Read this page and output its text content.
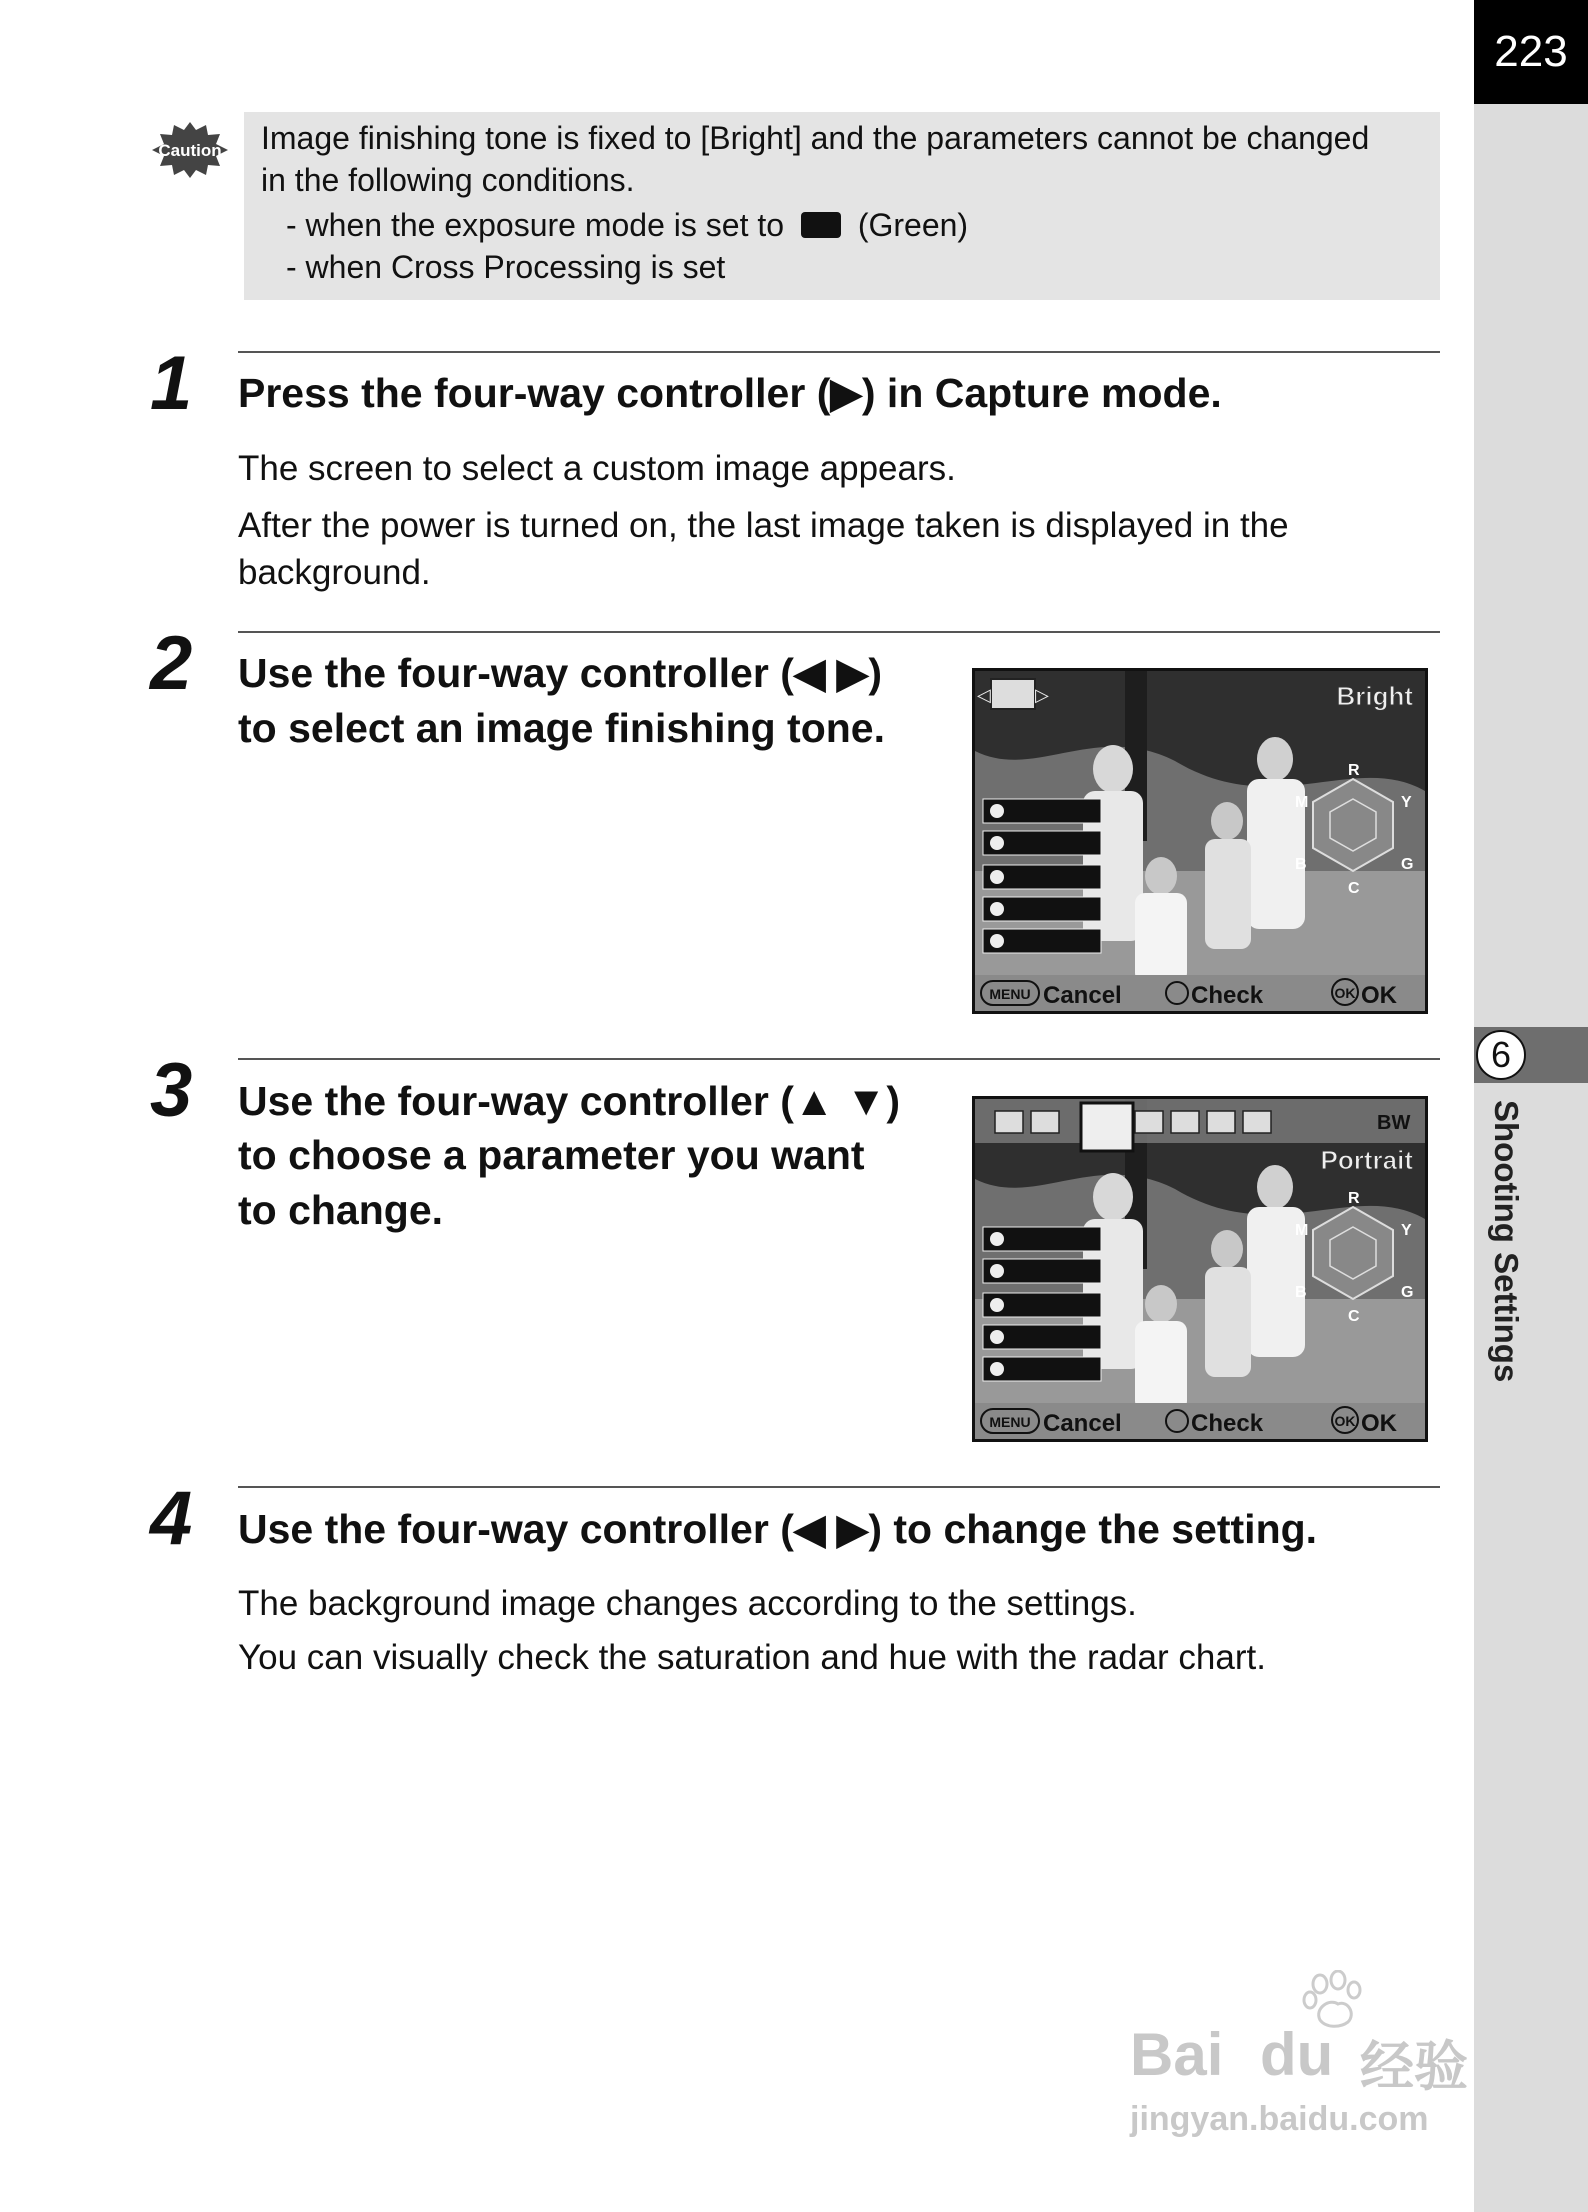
223
6
Shooting Settings
Caution Image finishing tone is fixed to [Bright] and the parameters cannot be changed
in the following conditions.
- when the exposure mode is set to (Green)
- when Cross Processing is set
1 Press the four-way controller (▶) in Capture mode.
The screen to select a custom image appears.
After the power is turned on, the last image taken is displayed in the
background.
2 Use the four-way controller (◀ ▶)
to select an image finishing tone.
◁ ▷	Bright
R
Y
G
C
B
M
MENU Cancel	Check	OK OK
3 Use the four-way controller (▲ ▼)
to choose a parameter you want
to change.
BW
Portrait
R
Y
G
C
B
M
MENU Cancel	Check	OK OK
4 Use the four-way controller (◀ ▶) to change the setting.
The background image changes according to the settings.
You can visually check the saturation and hue with the radar chart.
Bai du 经验
jingyan.baidu.com
